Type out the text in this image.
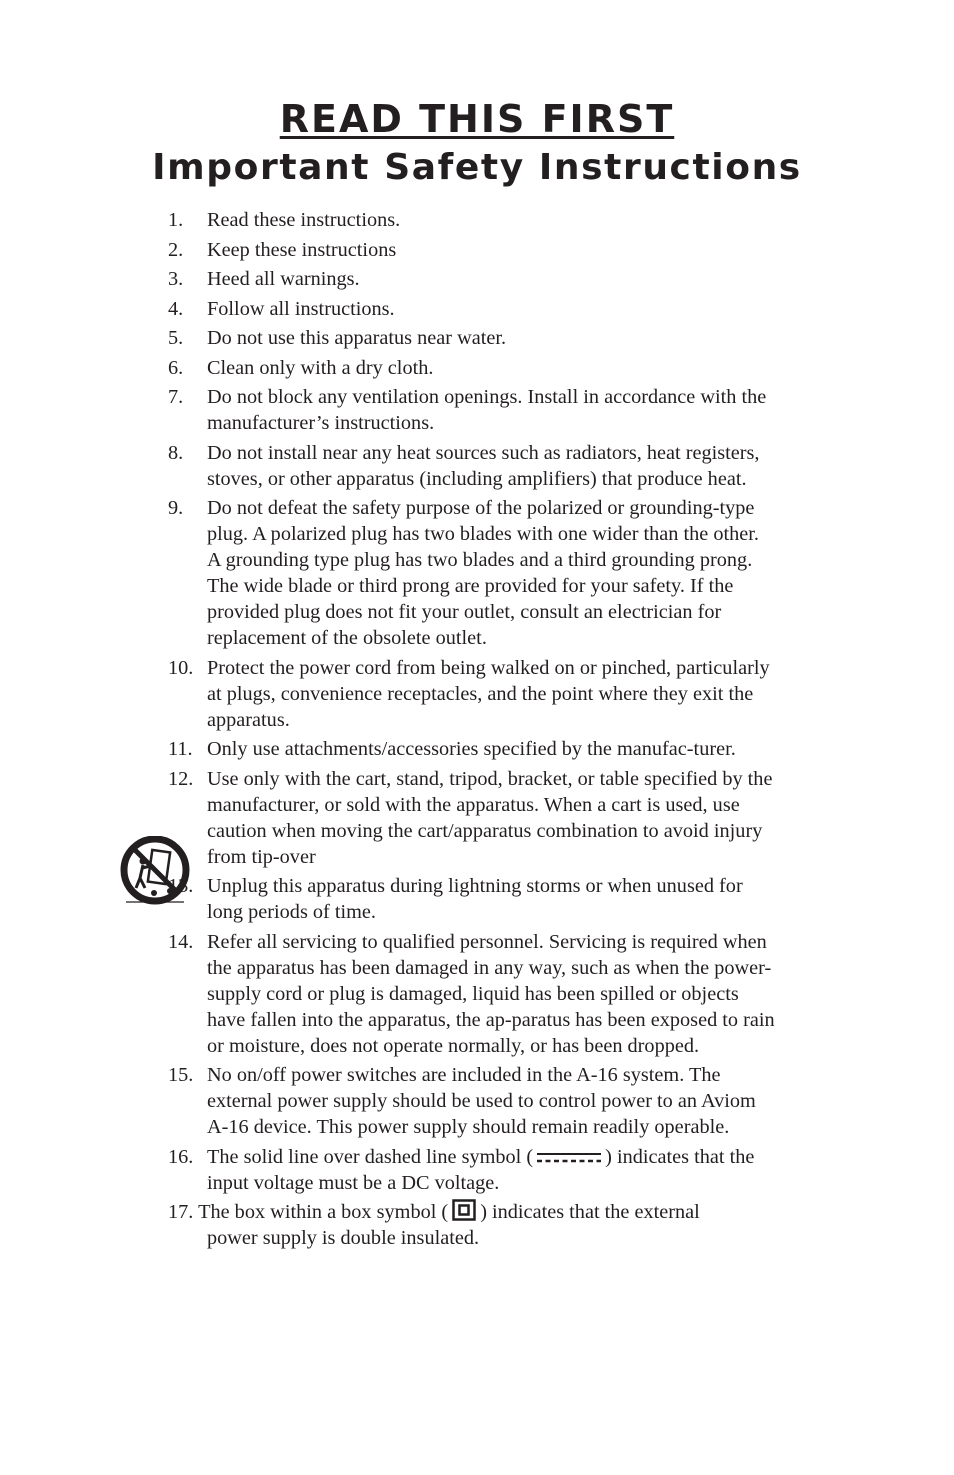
READ THIS FIRST
Important Safety Instructions
1. Read these instructions.
2. Keep these instructions
3. Heed all warnings.
4. Follow all instructions.
5. Do not use this apparatus near water.
6. Clean only with a dry cloth.
7. Do not block any ventilation openings. Install in accordance with the manufacturer’s instructions.
8. Do not install near any heat sources such as radiators, heat registers, stoves, or other apparatus (including amplifiers) that produce heat.
9. Do not defeat the safety purpose of the polarized or grounding-type plug. A polarized plug has two blades with one wider than the other. A grounding type plug has two blades and a third grounding prong. The wide blade or third prong are provided for your safety. If the provided plug does not fit your outlet, consult an electrician for replacement of the obsolete outlet.
10. Protect the power cord from being walked on or pinched, particularly at plugs, convenience receptacles, and the point where they exit the apparatus.
11. Only use attachments/accessories specified by the manufac-turer.
12. Use only with the cart, stand, tripod, bracket, or table specified by the manufacturer, or sold with the apparatus. When a cart is used, use caution when moving the cart/apparatus combination to avoid injury from tip-over
13. Unplug this apparatus during lightning storms or when unused for long periods of time.
14. Refer all servicing to qualified personnel. Servicing is required when the apparatus has been damaged in any way, such as when the power-supply cord or plug is damaged, liquid has been spilled or objects have fallen into the apparatus, the ap-paratus has been exposed to rain or moisture, does not operate normally, or has been dropped.
15. No on/off power switches are included in the A-16 system. The external power supply should be used to control power to an Aviom A-16 device. This power supply should remain readily operable.
16. The solid line over dashed line symbol (	) indicates that the input voltage must be a DC voltage.
17. The box within a box symbol ( ) indicates that the external
power supply is double insulated.
